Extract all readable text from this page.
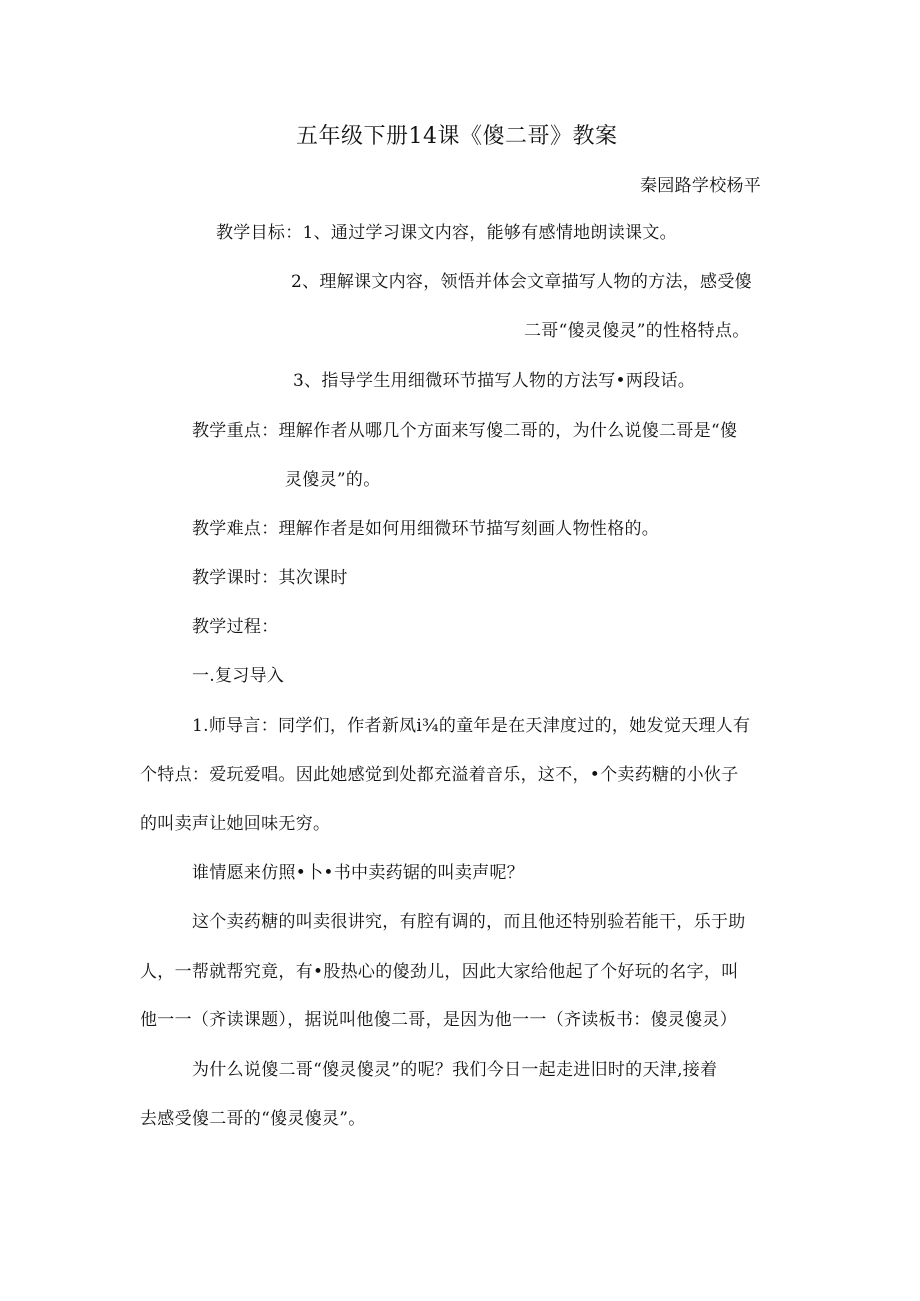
五年级下册14课《傻二哥》教案
秦园路学校杨平
教学目标：1、通过学习课文内容，能够有感情地朗读课文。
2、理解课文内容，领悟并体会文章描写人物的方法，感受傻
二哥“傻灵傻灵”的性格特点。
3、指导学生用细微环节描写人物的方法写•两段话。
教学重点：理解作者从哪几个方面来写傻二哥的，为什么说傻二哥是“傻
灵傻灵”的。
教学难点：理解作者是如何用细微环节描写刻画人物性格的。
教学课时：其次课时
教学过程：
一.复习导入
1.师导言：同学们，作者新凤i¾的童年是在天津度过的，她发觉天理人有
个特点：爱玩爱唱。因此她感觉到处都充溢着音乐，这不，•个卖药糖的小伙子
的叫卖声让她回味无穷。
谁情愿来仿照•卜•书中卖药锯的叫卖声呢？
这个卖药糖的叫卖很讲究，有腔有调的，而且他还特别验若能干，乐于助
人，一帮就帮究竟，有•股热心的傻劲儿，因此大家给他起了个好玩的名字，叫
他一一（齐读课题），据说叫他傻二哥，是因为他一一（齐读板书：傻灵傻灵）
为什么说傻二哥“傻灵傻灵”的呢？我们今日一起走进旧时的天津,接着
去感受傻二哥的“傻灵傻灵”。
